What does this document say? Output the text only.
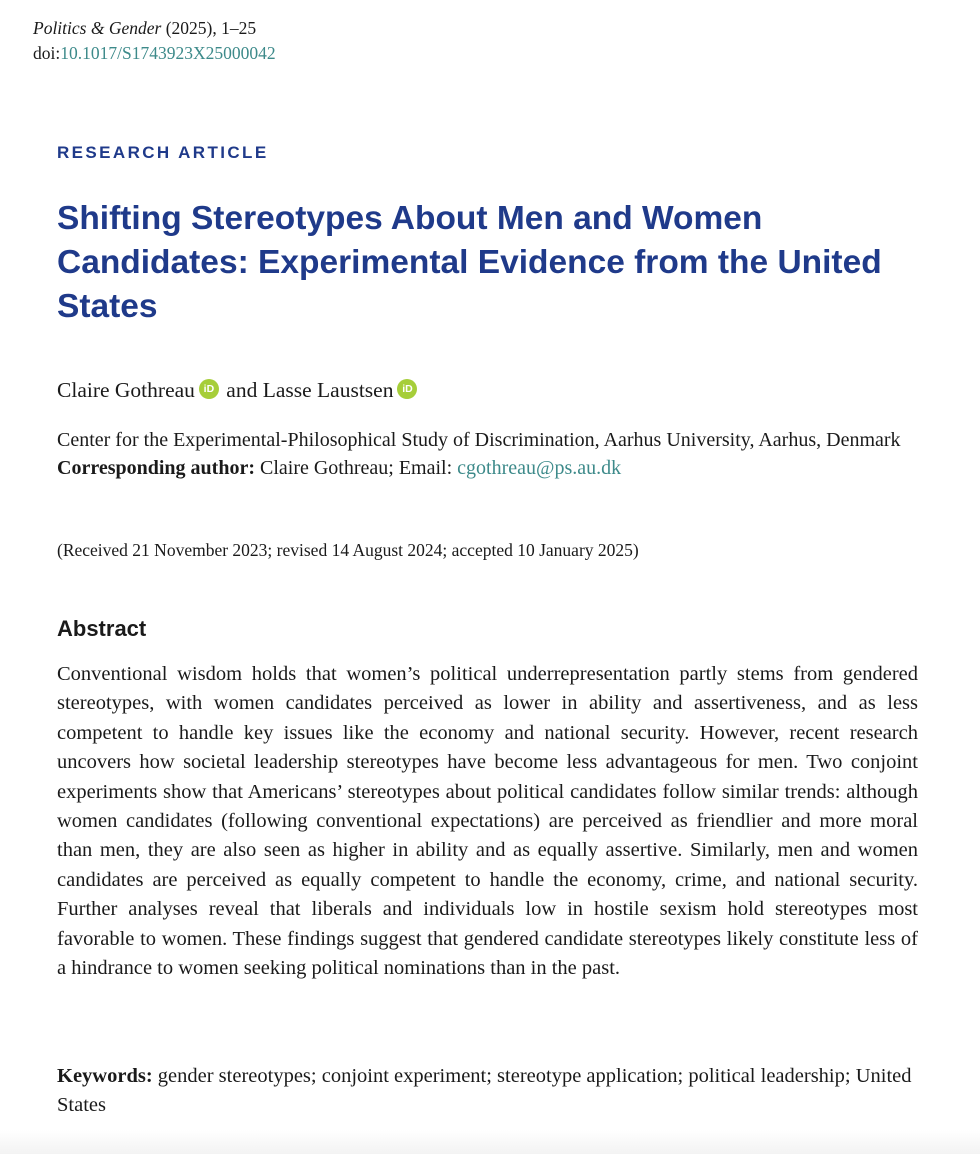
Politics & Gender (2025), 1–25
doi:10.1017/S1743923X25000042
RESEARCH ARTICLE
Shifting Stereotypes About Men and Women Candidates: Experimental Evidence from the United States
Claire Gothreau iD and Lasse Laustsen iD
Center for the Experimental-Philosophical Study of Discrimination, Aarhus University, Aarhus, Denmark
Corresponding author: Claire Gothreau; Email: cgothreau@ps.au.dk
(Received 21 November 2023; revised 14 August 2024; accepted 10 January 2025)
Abstract

Conventional wisdom holds that women’s political underrepresentation partly stems from gendered stereotypes, with women candidates perceived as lower in ability and assertiveness, and as less competent to handle key issues like the economy and national security. However, recent research uncovers how societal leadership stereotypes have become less advantageous for men. Two conjoint experiments show that Americans’ stereotypes about political candidates follow similar trends: although women candidates (following conventional expectations) are perceived as friendlier and more moral than men, they are also seen as higher in ability and as equally assertive. Similarly, men and women candidates are perceived as equally competent to handle the economy, crime, and national security. Further analyses reveal that liberals and individuals low in hostile sexism hold stereotypes most favorable to women. These findings suggest that gendered candidate stereotypes likely constitute less of a hindrance to women seeking political nominations than in the past.

Keywords: gender stereotypes; conjoint experiment; stereotype application; political leadership; United States
